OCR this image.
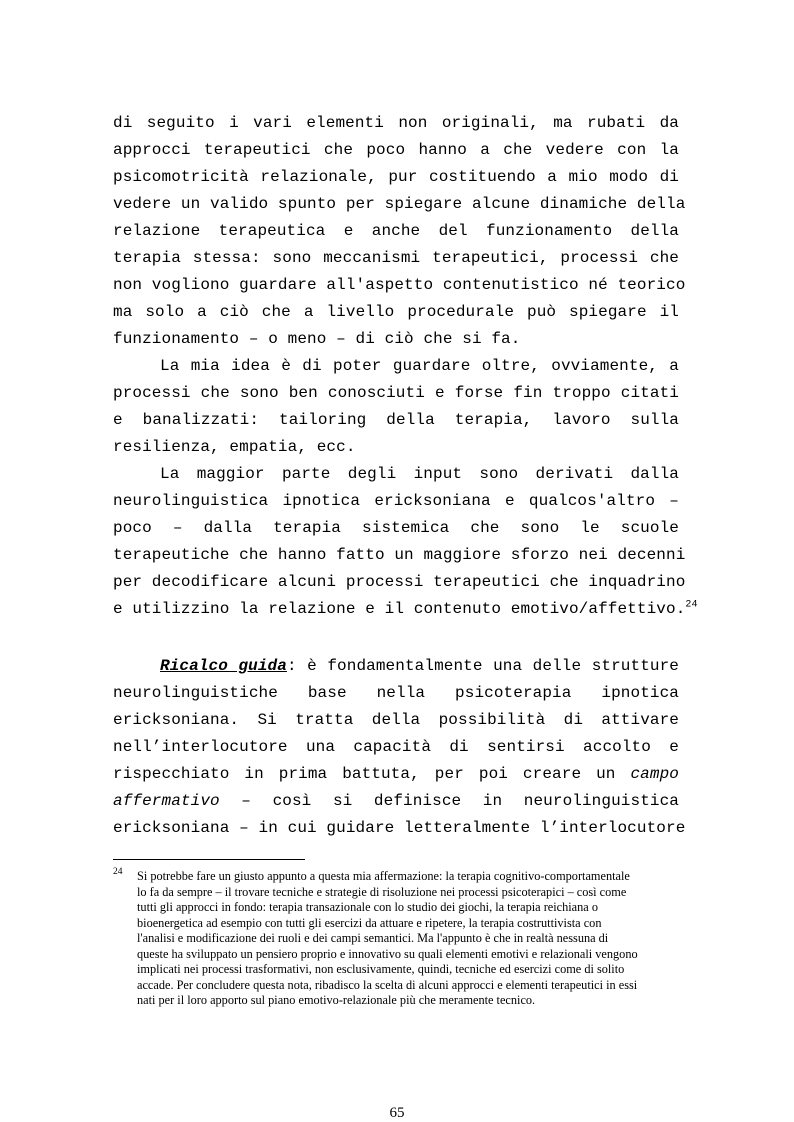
di seguito i vari elementi non originali, ma rubati da
approcci terapeutici che poco hanno a che vedere con la
psicomotricità relazionale, pur costituendo a mio modo di
vedere un valido spunto per spiegare alcune dinamiche della
relazione terapeutica e anche del funzionamento della
terapia stessa: sono meccanismi terapeutici, processi che
non vogliono guardare all'aspetto contenutistico né teorico
ma solo a ciò che a livello procedurale può spiegare il
funzionamento – o meno – di ciò che si fa.
La mia idea è di poter guardare oltre, ovviamente, a
processi che sono ben conosciuti e forse fin troppo citati
e banalizzati: tailoring della terapia, lavoro sulla
resilienza, empatia, ecc.
La maggior parte degli input sono derivati dalla
neurolinguistica ipnotica ericksoniana e qualcos'altro –
poco – dalla terapia sistemica che sono le scuole
terapeutiche che hanno fatto un maggiore sforzo nei decenni
per decodificare alcuni processi terapeutici che inquadrino
e utilizzino la relazione e il contenuto emotivo/affettivo.$^{24}$
Ricalco guida: è fondamentalmente una delle strutture
neurolinguistiche base nella psicoterapia ipnotica
ericksoniana. Si tratta della possibilità di attivare
nell’interlocutore una capacità di sentirsi accolto e
rispecchiato in prima battuta, per poi creare un campo
affermativo – così si definisce in neurolinguistica
ericksoniana – in cui guidare letteralmente l’interlocutore
24 Si potrebbe fare un giusto appunto a questa mia affermazione: la terapia cognitivo-comportamentale
lo fa da sempre – il trovare tecniche e strategie di risoluzione nei processi psicoterapici – così come
tutti gli approcci in fondo: terapia transazionale con lo studio dei giochi, la terapia reichiana o
bioenergetica ad esempio con tutti gli esercizi da attuare e ripetere, la terapia costruttivista con
l'analisi e modificazione dei ruoli e dei campi semantici. Ma l'appunto è che in realtà nessuna di
queste ha sviluppato un pensiero proprio e innovativo su quali elementi emotivi e relazionali vengono
implicati nei processi trasformativi, non esclusivamente, quindi, tecniche ed esercizi come di solito
accade. Per concludere questa nota, ribadisco la scelta di alcuni approcci e elementi terapeutici in essi
nati per il loro apporto sul piano emotivo-relazionale più che meramente tecnico.
65
